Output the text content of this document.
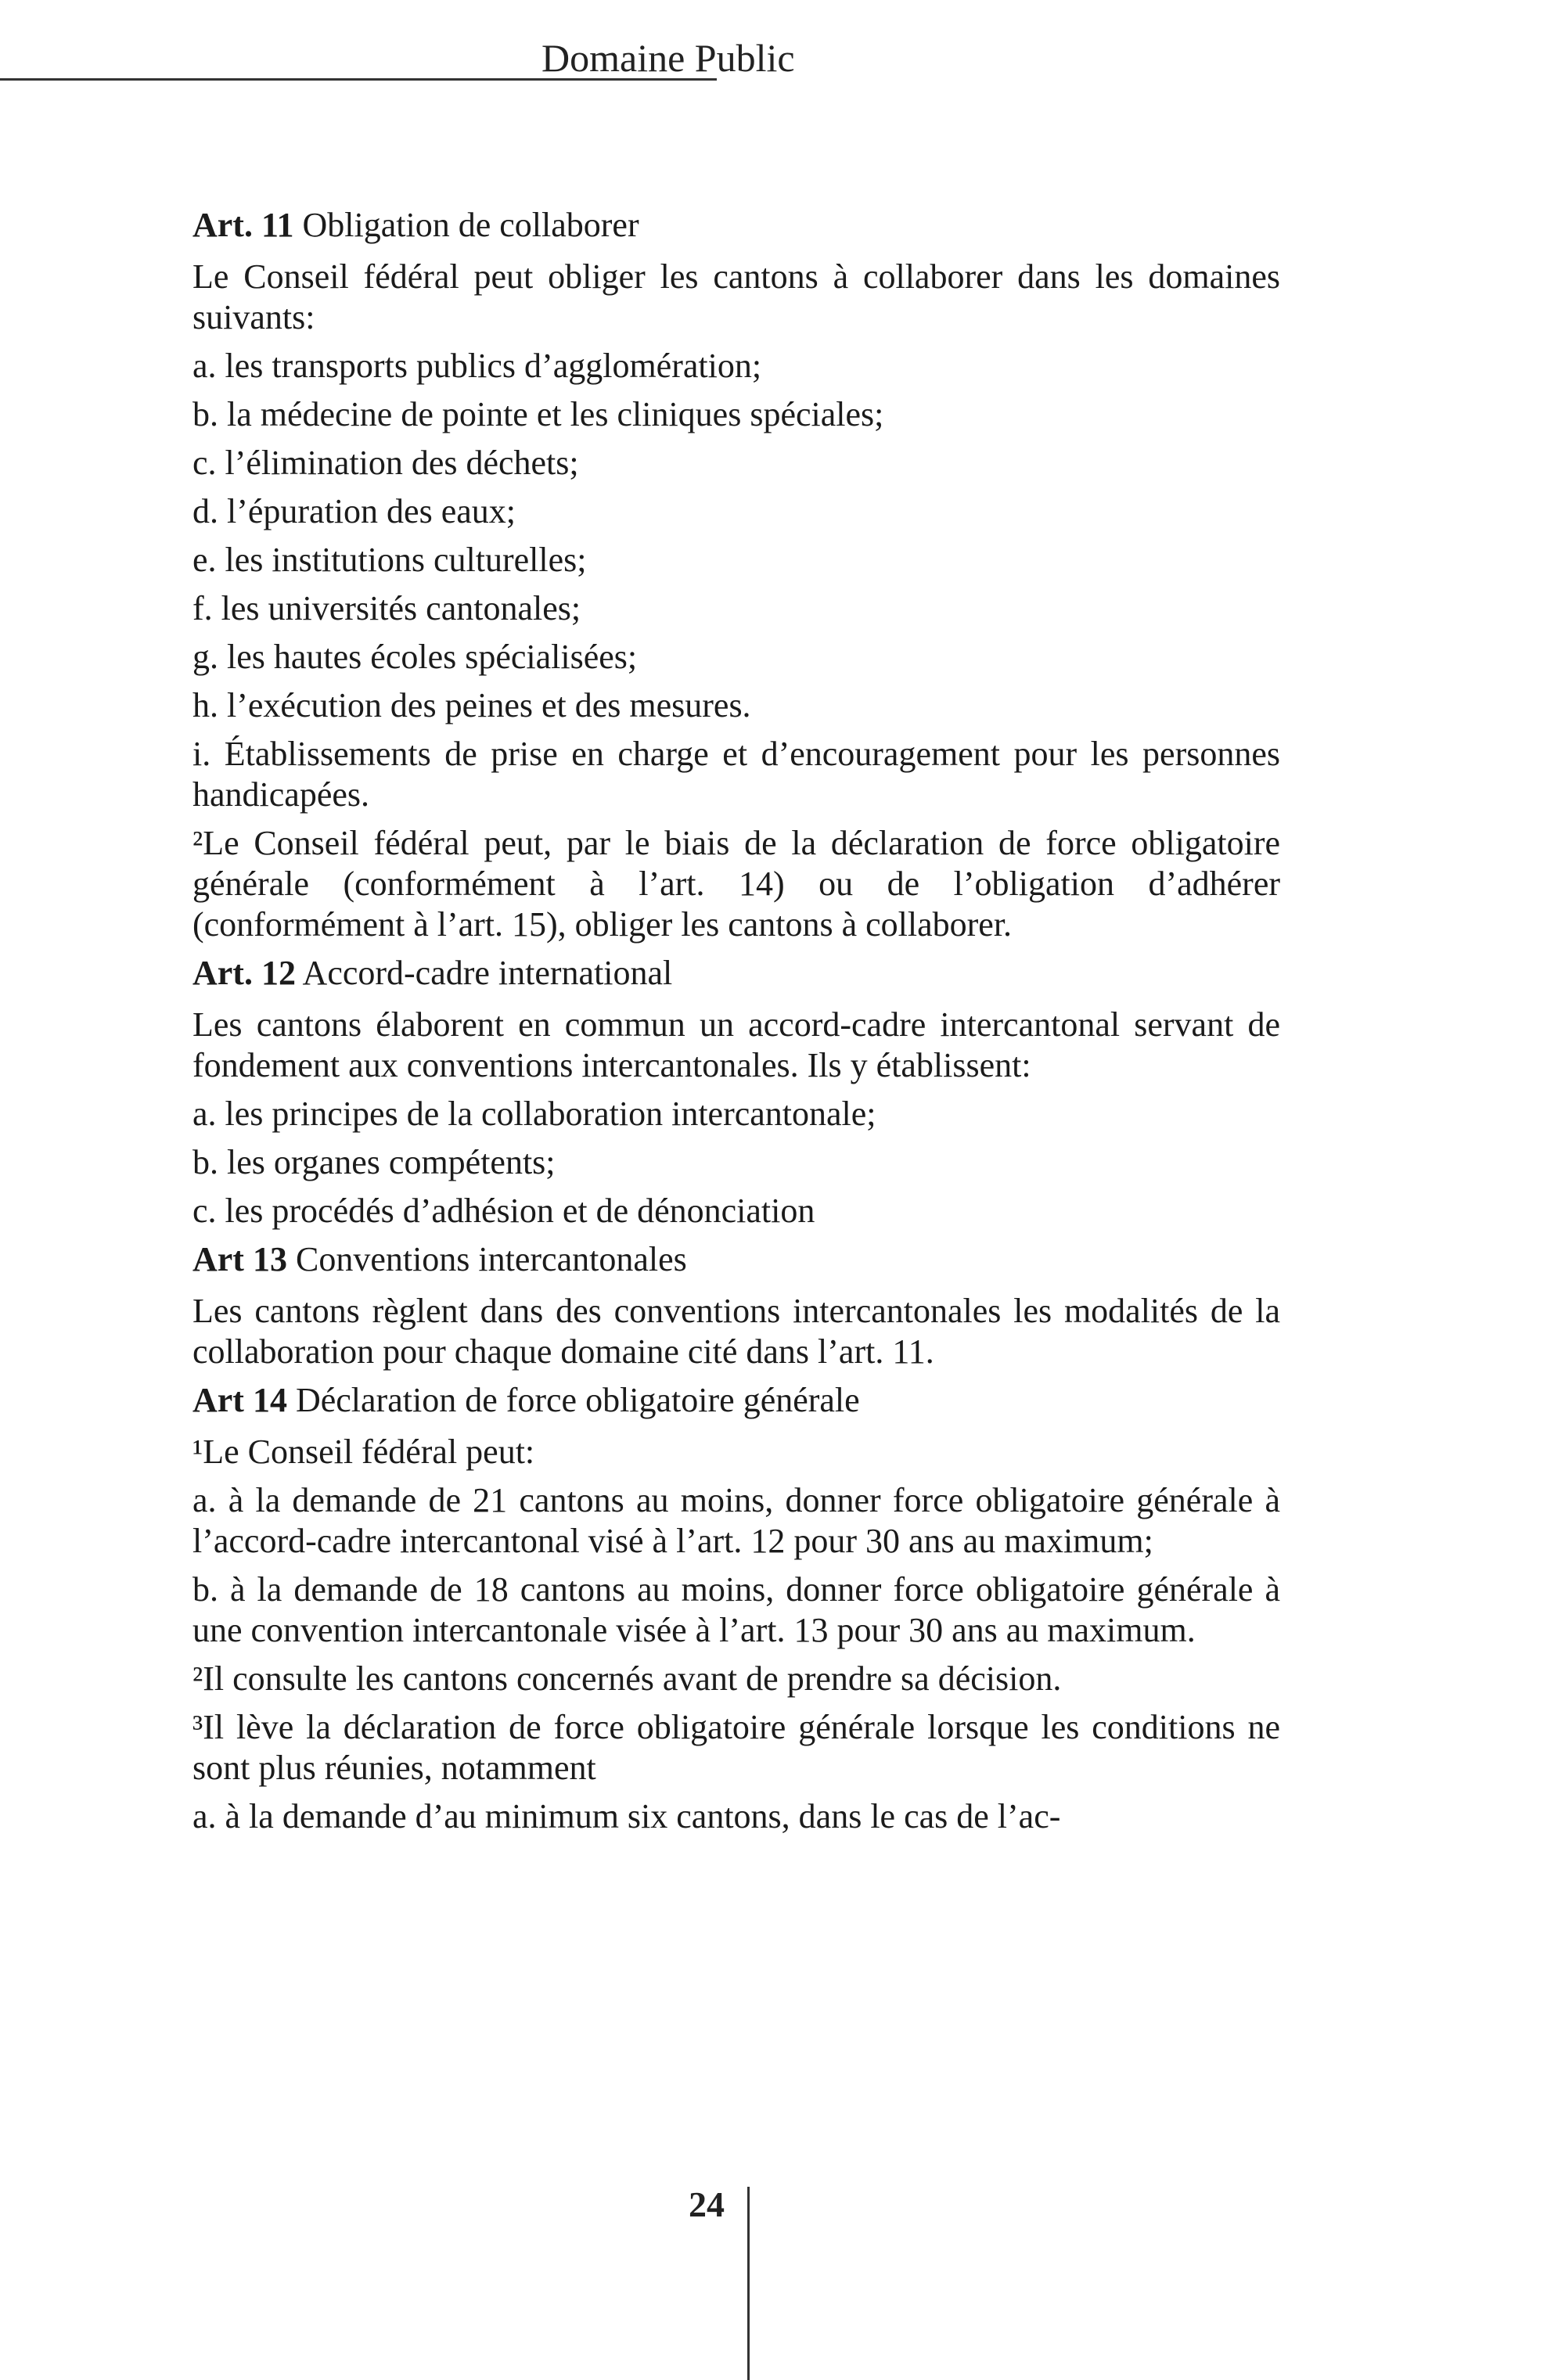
Domaine Public

Art. 11 Obligation de collaborer

Le Conseil fédéral peut obliger les cantons à collaborer dans les domaines suivants:

a. les transports publics d’agglomération;

b. la médecine de pointe et les cliniques spéciales;

c. l’élimination des déchets;

d. l’épuration des eaux;

e. les institutions culturelles;

f. les universités cantonales;

g. les hautes écoles spécialisées;

h. l’exécution des peines et des mesures.

i. Établissements de prise en charge et d’encouragement pour les personnes handicapées.

²Le Conseil fédéral peut, par le biais de la déclaration de force obligatoire générale (conformément à l’art. 14) ou de l’obligation d’adhérer (conformément à l’art. 15), obliger les cantons à collaborer.

Art. 12 Accord-cadre international

Les cantons élaborent en commun un accord-cadre intercantonal servant de fondement aux conventions intercantonales. Ils y établissent:

a. les principes de la collaboration intercantonale;

b. les organes compétents;

c. les procédés d’adhésion et de dénonciation

Art 13 Conventions intercantonales

Les cantons règlent dans des conventions intercantonales les modalités de la collaboration pour chaque domaine cité dans l’art. 11.

Art 14 Déclaration de force obligatoire générale

¹Le Conseil fédéral peut:

a. à la demande de 21 cantons au moins, donner force obligatoire générale à l’accord-cadre intercantonal visé à l’art. 12 pour 30 ans au maximum;

b. à la demande de 18 cantons au moins, donner force obligatoire générale à une convention intercantonale visée à l’art. 13 pour 30 ans au maximum.

²Il consulte les cantons concernés avant de prendre sa décision.

³Il lève la déclaration de force obligatoire générale lorsque les conditions ne sont plus réunies, notamment

a. à la demande d’au minimum six cantons, dans le cas de l’ac-

24
